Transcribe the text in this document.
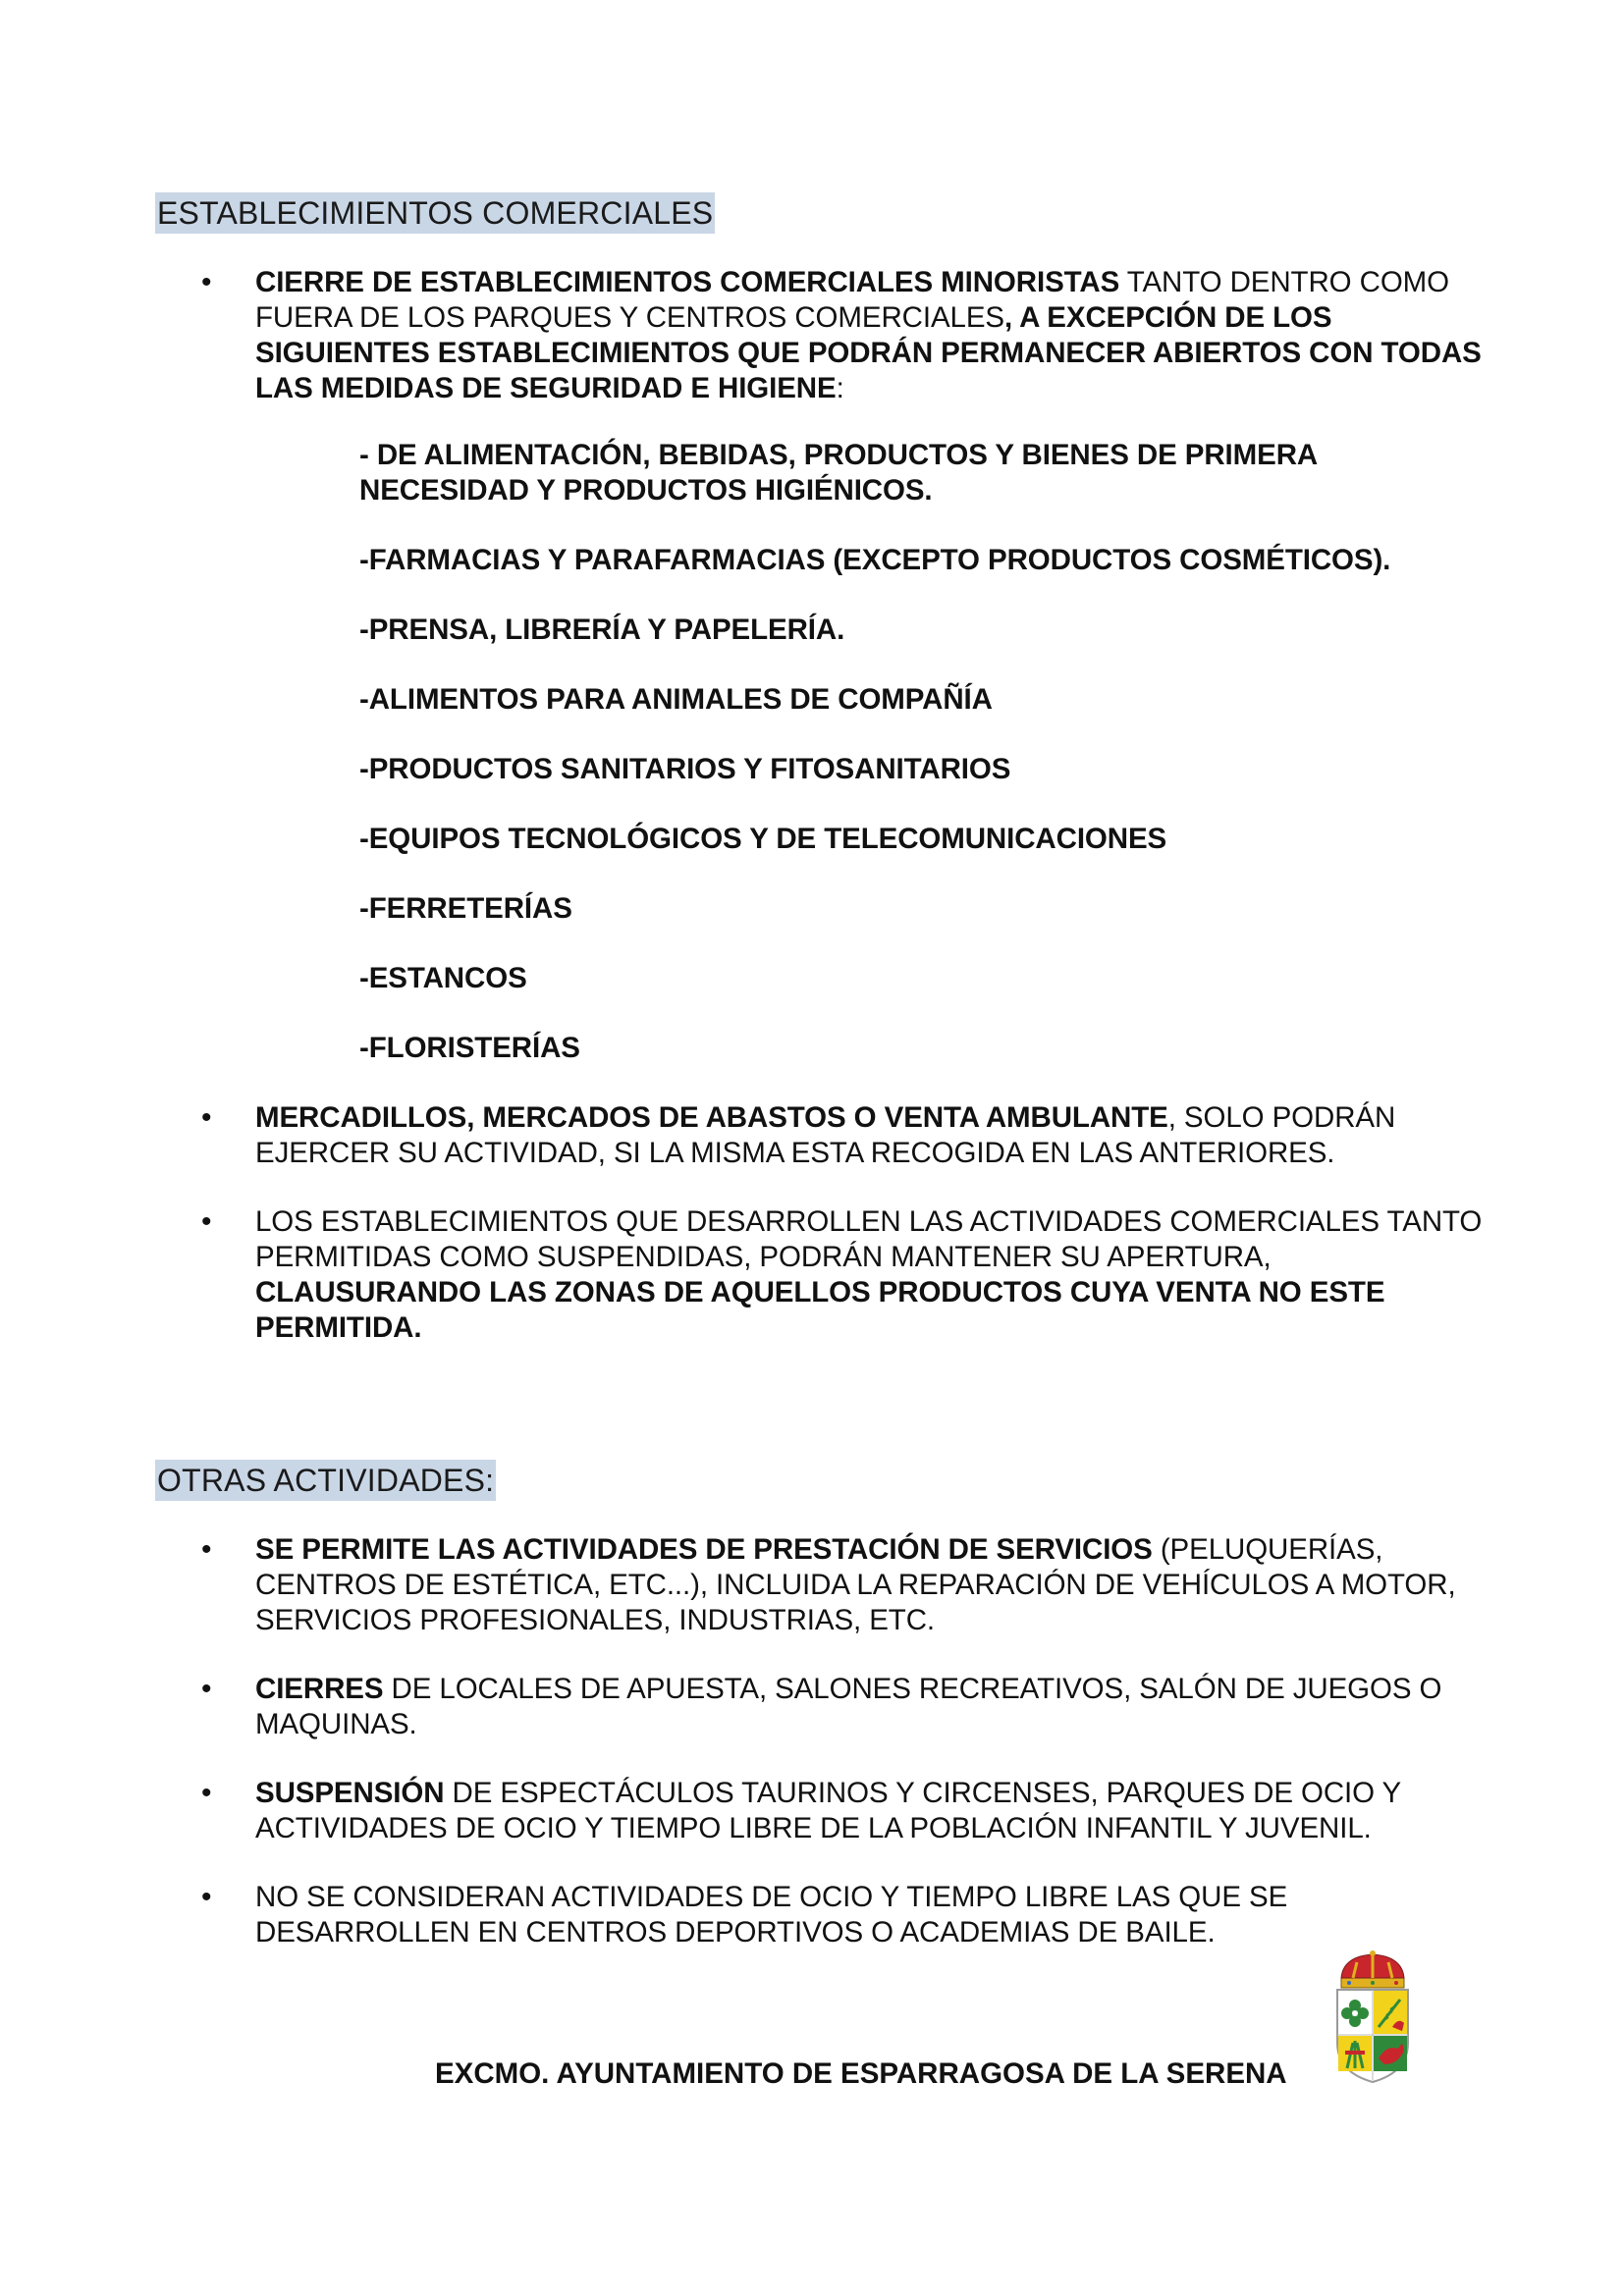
ESTABLECIMIENTOS COMERCIALES
• CIERRE DE ESTABLECIMIENTOS COMERCIALES MINORISTAS TANTO DENTRO COMO FUERA DE LOS PARQUES Y CENTROS COMERCIALES, A EXCEPCIÓN DE LOS SIGUIENTES ESTABLECIMIENTOS QUE PODRÁN PERMANECER ABIERTOS CON TODAS LAS MEDIDAS DE SEGURIDAD E HIGIENE:
- DE ALIMENTACIÓN, BEBIDAS, PRODUCTOS Y BIENES DE PRIMERA NECESIDAD Y PRODUCTOS HIGIÉNICOS.
-FARMACIAS Y PARAFARMACIAS (EXCEPTO PRODUCTOS COSMÉTICOS).
-PRENSA, LIBRERÍA Y PAPELERÍA.
-ALIMENTOS PARA ANIMALES DE COMPAÑÍA
-PRODUCTOS SANITARIOS Y FITOSANITARIOS
-EQUIPOS TECNOLÓGICOS Y DE TELECOMUNICACIONES
-FERRETERÍAS
-ESTANCOS
-FLORISTERÍAS
• MERCADILLOS, MERCADOS DE ABASTOS O VENTA AMBULANTE, SOLO PODRÁN EJERCER SU ACTIVIDAD, SI LA MISMA ESTA RECOGIDA EN LAS ANTERIORES.
• LOS ESTABLECIMIENTOS QUE DESARROLLEN LAS ACTIVIDADES COMERCIALES TANTO PERMITIDAS COMO SUSPENDIDAS, PODRÁN MANTENER SU APERTURA, CLAUSURANDO LAS ZONAS DE AQUELLOS PRODUCTOS CUYA VENTA NO ESTE PERMITIDA.
OTRAS ACTIVIDADES:
• SE PERMITE LAS ACTIVIDADES DE PRESTACIÓN DE SERVICIOS (PELUQUERÍAS, CENTROS DE ESTÉTICA, ETC...), INCLUIDA LA REPARACIÓN DE VEHÍCULOS A MOTOR, SERVICIOS PROFESIONALES, INDUSTRIAS, ETC.
• CIERRES DE LOCALES DE APUESTA, SALONES RECREATIVOS, SALÓN DE JUEGOS O MAQUINAS.
• SUSPENSIÓN DE ESPECTÁCULOS TAURINOS Y CIRCENSES, PARQUES DE OCIO Y ACTIVIDADES DE OCIO Y TIEMPO LIBRE DE LA POBLACIÓN INFANTIL Y JUVENIL.
• NO SE CONSIDERAN ACTIVIDADES DE OCIO Y TIEMPO LIBRE LAS QUE SE DESARROLLEN EN CENTROS DEPORTIVOS O ACADEMIAS DE BAILE.
EXCMO. AYUNTAMIENTO DE ESPARRAGOSA DE LA SERENA
